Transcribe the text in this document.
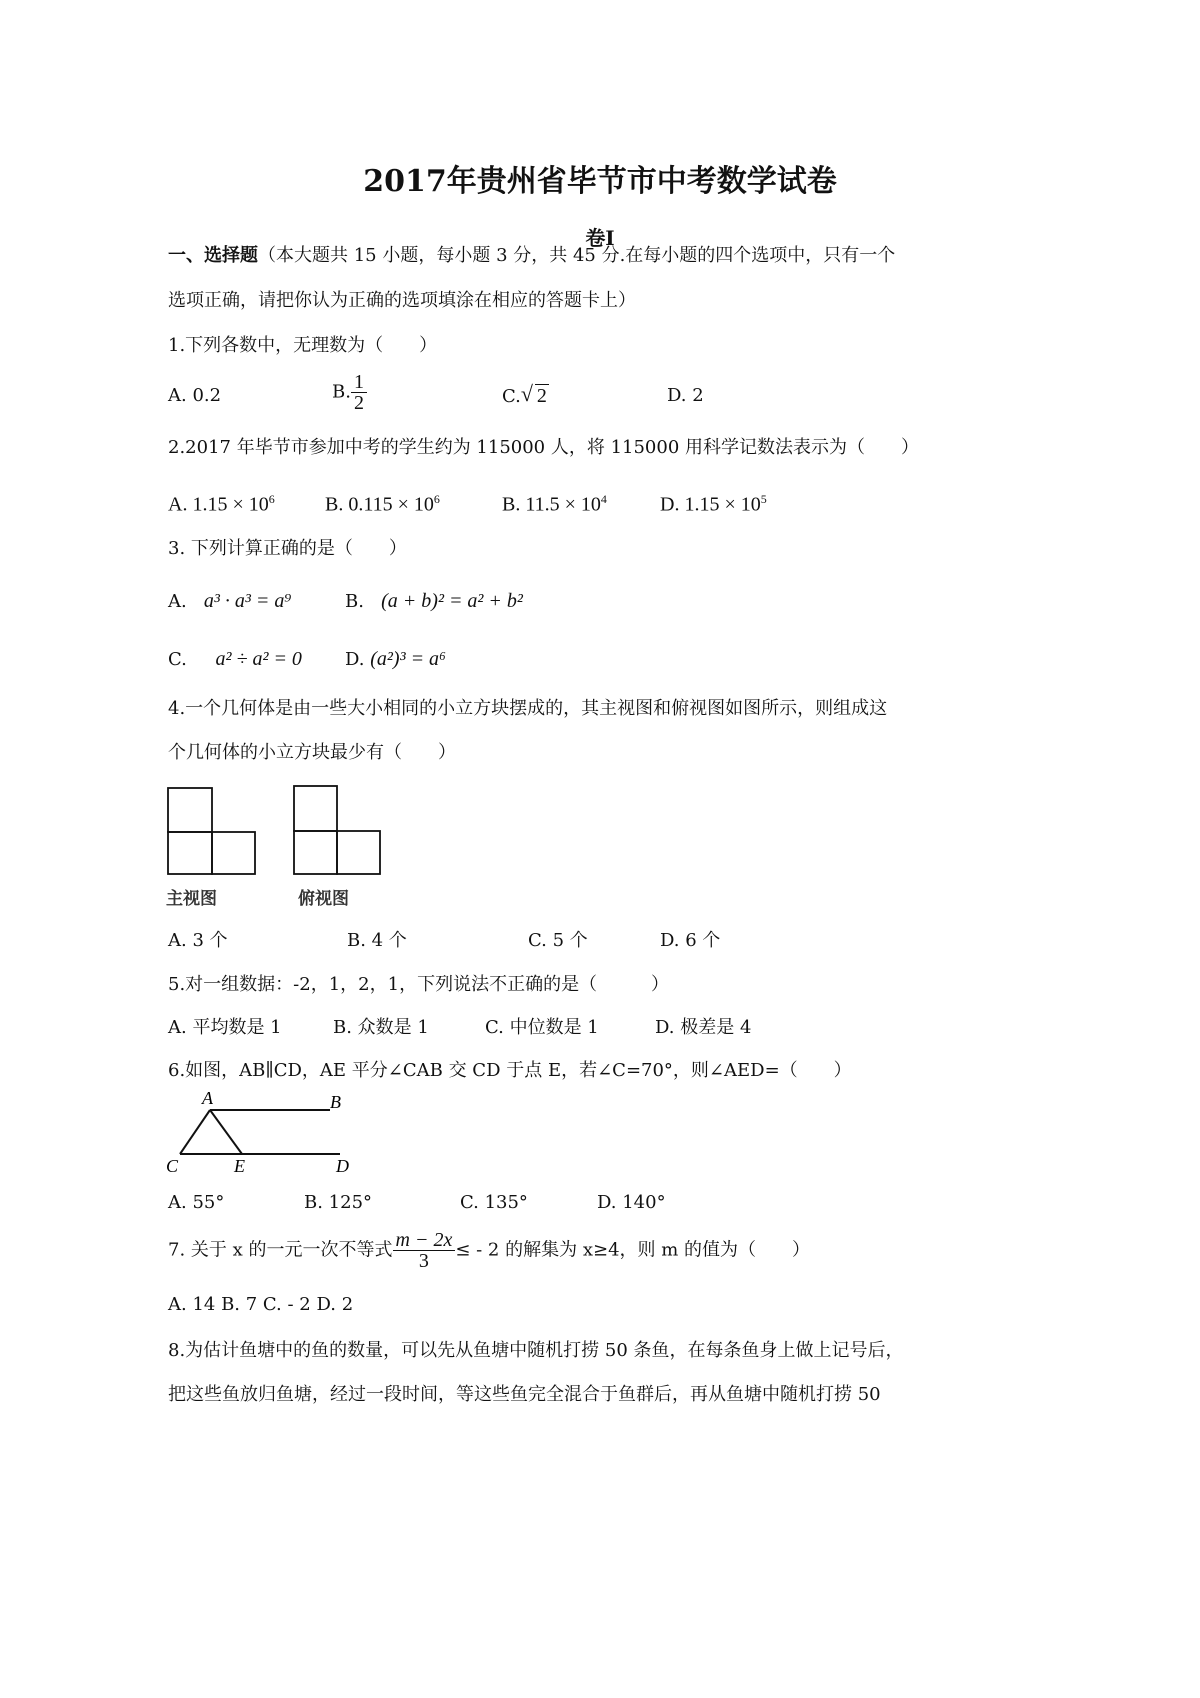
2017年贵州省毕节市中考数学试卷
卷Ⅰ
一、选择题（本大题共 15 小题，每小题 3 分，共 45 分.在每小题的四个选项中，只有一个
选项正确，请把你认为正确的选项填涂在相应的答题卡上）
1.下列各数中，无理数为（　　）
A. 0.2	B. $\frac{1}{2}$	C. √ 2	D. 2
2.2017 年毕节市参加中考的学生约为 115000 人，将 115000 用科学记数法表示为（　　）
A. $1.15 \times 10^6$	B. $0.115 \times 10^6$	B. $11.5 \times 10^4$	D. $1.15 \times 10^5$
3. 下列计算正确的是（　　）
A. a³ · a³ = a⁹	B. (a + b)² = a² + b²
C. a² ÷ a² = 0 D. (a²)³ = a⁶
4.一个几何体是由一些大小相同的小立方块摆成的，其主视图和俯视图如图所示，则组成这
个几何体的小立方块最少有（　　）
主视图	俯视图
A. 3 个	B. 4 个	C. 5 个	D. 6 个
5.对一组数据：-2，1，2，1，下列说法不正确的是（　　　）
A. 平均数是 1	B. 众数是 1	C. 中位数是 1	D. 极差是 4
6.如图，AB∥CD，AE 平分∠CAB 交 CD 于点 E，若∠C=70°，则∠AED=（　　）
A	B
C	E	D
A. 55°	B. 125°	C. 135°	D. 140°
7. 关于 x 的一元一次不等式 $\frac{m - 2x}{3}$ ≤ - 2 的解集为 x≥4，则 m 的值为（　　）
A. 14 B. 7 C. - 2 D. 2
8.为估计鱼塘中的鱼的数量，可以先从鱼塘中随机打捞 50 条鱼，在每条鱼身上做上记号后，
把这些鱼放归鱼塘，经过一段时间，等这些鱼完全混合于鱼群后，再从鱼塘中随机打捞 50
